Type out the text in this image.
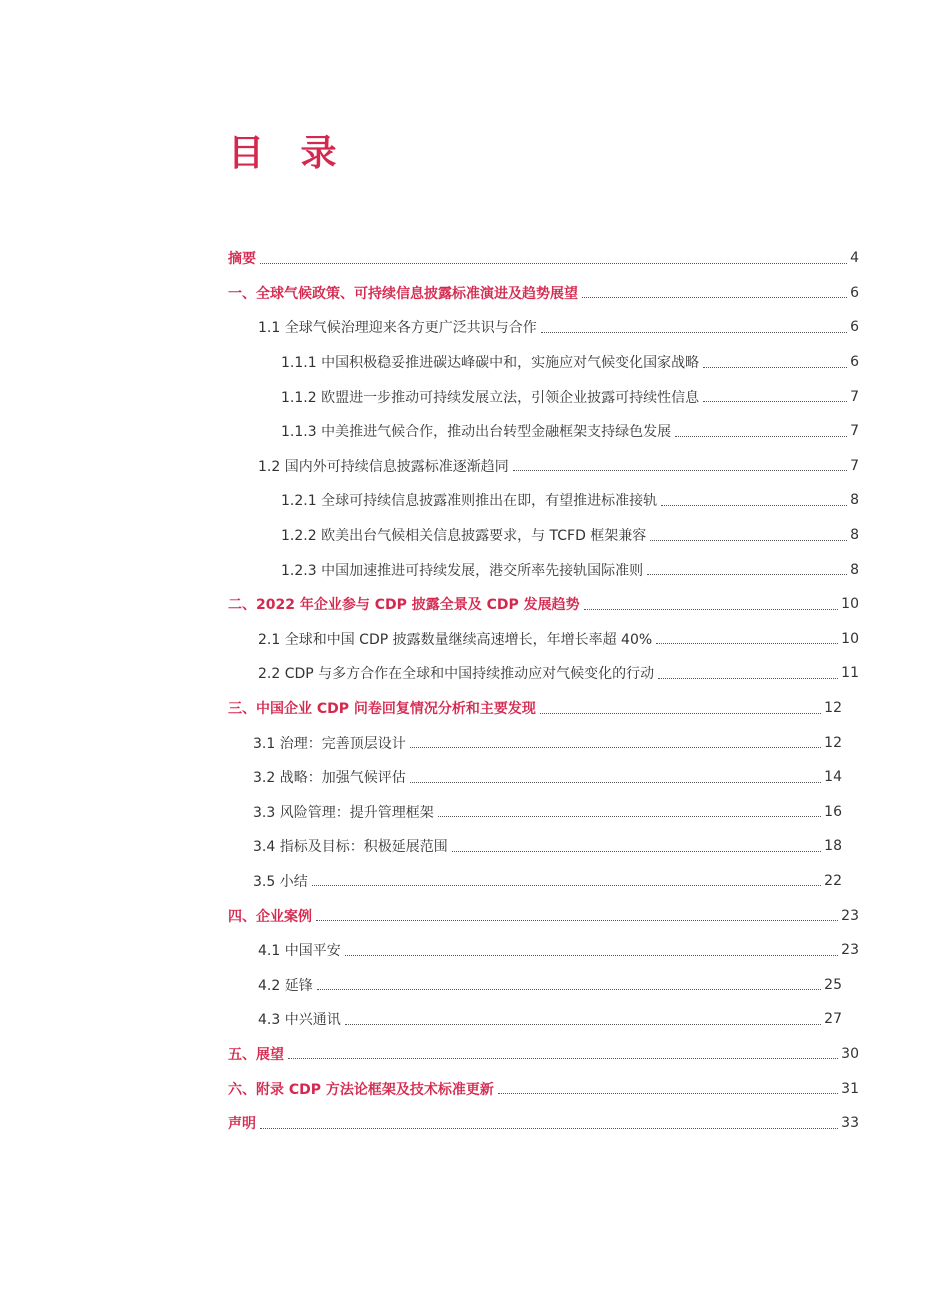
目 录
摘要	4
一、全球气候政策、可持续信息披露标准演进及趋势展望	6
1.1 全球气候治理迎来各方更广泛共识与合作	6
1.1.1 中国积极稳妥推进碳达峰碳中和，实施应对气候变化国家战略	6
1.1.2 欧盟进一步推动可持续发展立法，引领企业披露可持续性信息	7
1.1.3 中美推进气候合作，推动出台转型金融框架支持绿色发展	7
1.2 国内外可持续信息披露标准逐渐趋同	7
1.2.1 全球可持续信息披露准则推出在即，有望推进标准接轨	8
1.2.2 欧美出台气候相关信息披露要求，与 TCFD 框架兼容	8
1.2.3 中国加速推进可持续发展，港交所率先接轨国际准则	8
二、2022 年企业参与 CDP 披露全景及 CDP 发展趋势	10
2.1 全球和中国 CDP 披露数量继续高速增长，年增长率超 40%	10
2.2 CDP 与多方合作在全球和中国持续推动应对气候变化的行动	11
三、中国企业 CDP 问卷回复情况分析和主要发现	12
3.1 治理：完善顶层设计	12
3.2 战略：加强气候评估	14
3.3 风险管理：提升管理框架	16
3.4 指标及目标：积极延展范围	18
3.5 小结	22
四、企业案例	23
4.1 中国平安	23
4.2 延锋	25
4.3 中兴通讯	27
五、展望	30
六、附录 CDP 方法论框架及技术标准更新	31
声明	33
